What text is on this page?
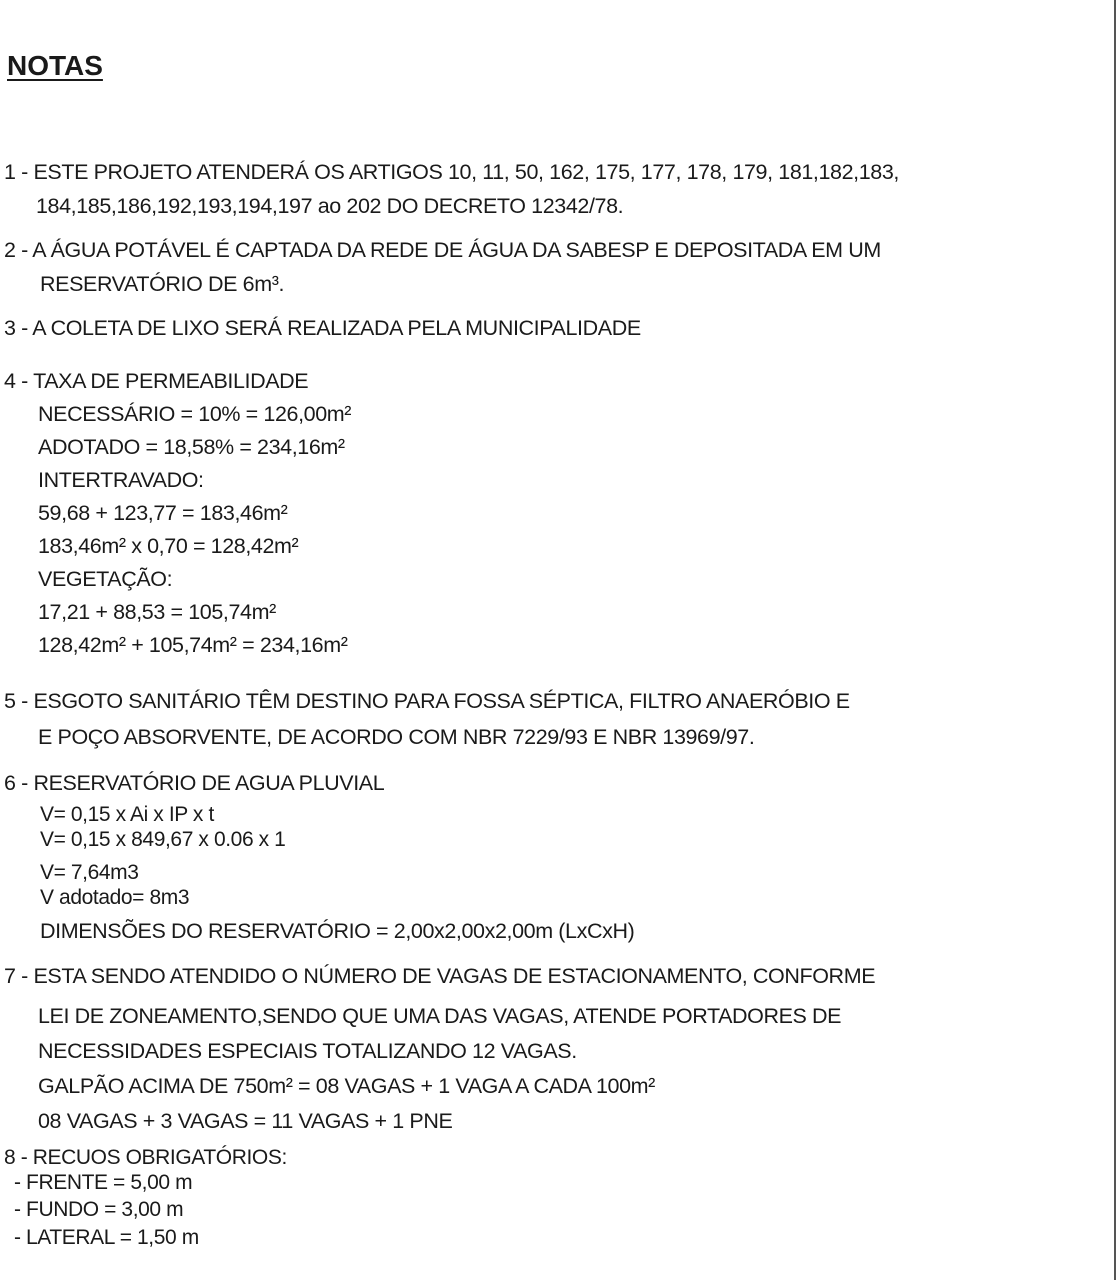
NOTAS
1 - ESTE PROJETO ATENDERÁ OS ARTIGOS 10, 11, 50, 162, 175, 177, 178, 179, 181,182,183,
184,185,186,192,193,194,197 ao 202 DO DECRETO 12342/78.
2 - A ÁGUA POTÁVEL É CAPTADA DA REDE DE ÁGUA DA SABESP E DEPOSITADA EM UM
RESERVATÓRIO DE 6m³.
3 - A COLETA DE LIXO SERÁ REALIZADA PELA MUNICIPALIDADE
4 - TAXA DE PERMEABILIDADE
NECESSÁRIO = 10% = 126,00m²
ADOTADO = 18,58% = 234,16m²
INTERTRAVADO:
59,68 + 123,77 = 183,46m²
183,46m² x 0,70 = 128,42m²
VEGETAÇÃO:
17,21 + 88,53 = 105,74m²
128,42m² + 105,74m² = 234,16m²
5 - ESGOTO SANITÁRIO TÊM DESTINO PARA FOSSA SÉPTICA, FILTRO ANAERÓBIO E
E POÇO ABSORVENTE, DE ACORDO COM NBR 7229/93 E NBR 13969/97.
6 - RESERVATÓRIO DE AGUA PLUVIAL
V= 0,15 x Ai x IP x t
V= 0,15 x 849,67 x 0.06 x 1
V= 7,64m3
V adotado= 8m3
DIMENSÕES DO RESERVATÓRIO = 2,00x2,00x2,00m (LxCxH)
7 - ESTA SENDO ATENDIDO O NÚMERO DE VAGAS DE ESTACIONAMENTO, CONFORME
LEI DE ZONEAMENTO,SENDO QUE UMA DAS VAGAS, ATENDE PORTADORES DE
NECESSIDADES ESPECIAIS TOTALIZANDO 12 VAGAS.
GALPÃO ACIMA DE 750m² = 08 VAGAS + 1 VAGA A CADA 100m²
08 VAGAS + 3 VAGAS = 11 VAGAS + 1 PNE
8 - RECUOS OBRIGATÓRIOS:
- FRENTE = 5,00 m
- FUNDO = 3,00 m
- LATERAL = 1,50 m
